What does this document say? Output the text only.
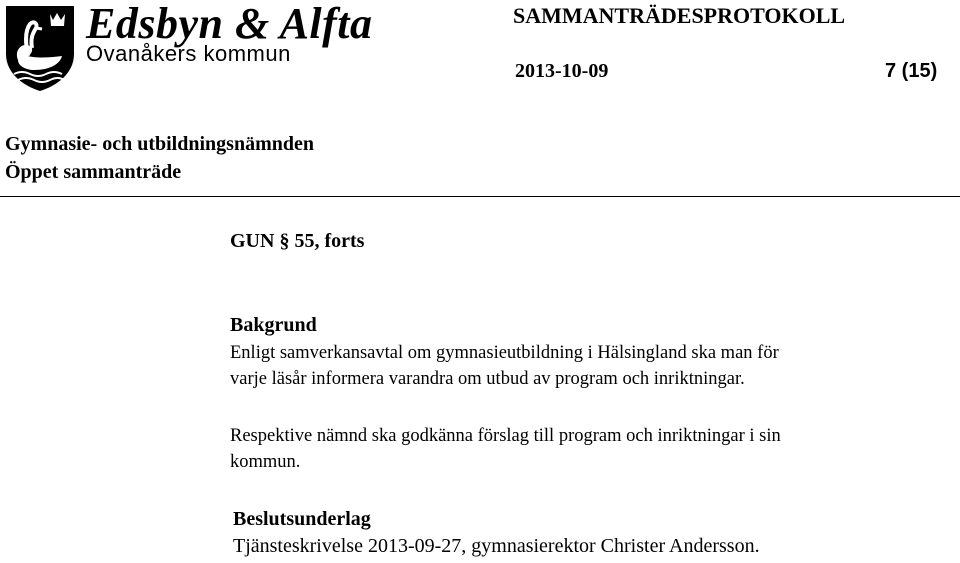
Edsbyn & Alfta
Ovanåkers kommun
SAMMANTRÄDESPROTOKOLL
2013-10-09	7 (15)
Gymnasie- och utbildningsnämnden
Öppet sammanträde
GUN § 55, forts
Bakgrund
Enligt samverkansavtal om gymnasieutbildning i Hälsingland ska man för
varje läsår informera varandra om utbud av program och inriktningar.
Respektive nämnd ska godkänna förslag till program och inriktningar i sin
kommun.
Beslutsunderlag
Tjänsteskrivelse 2013-09-27, gymnasierektor Christer Andersson.
